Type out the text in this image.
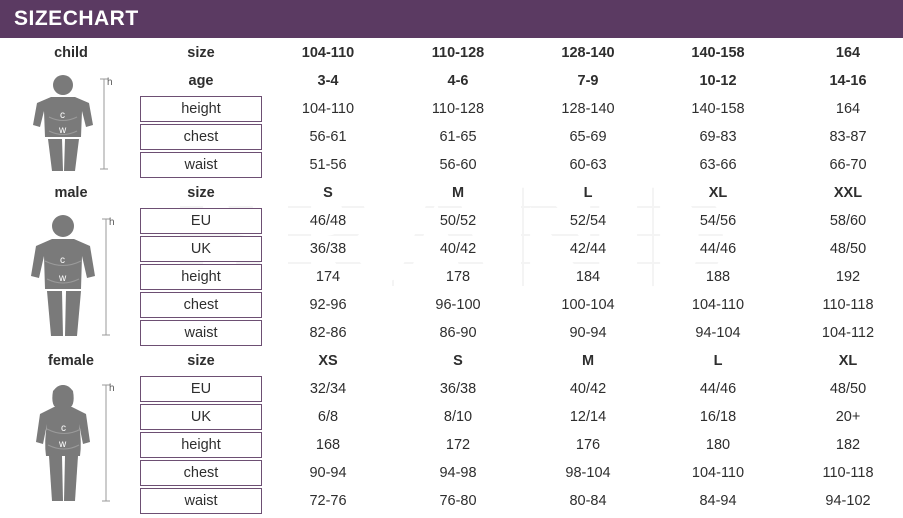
SIZE CHART
child	size	104-110	110-128	128-140	140-158	164

h
c
w	age	3-4	4-6	7-9	10-12	14-16
	height	104-110	110-128	128-140	140-158	164
	chest	56-61	61-65	65-69	69-83	83-87
	waist	51-56	56-60	60-63	63-66	66-70
male	size	S	M	L	XL	XXL

h
c
w	EU	46/48	50/52	52/54	54/56	58/60
	UK	36/38	40/42	42/44	44/46	48/50
	height	174	178	184	188	192
	chest	92-96	96-100	100-104	104-110	110-118
	waist	82-86	86-90	90-94	94-104	104-112
female	size	XS	S	M	L	XL

h
c
w	EU	32/34	36/38	40/42	44/46	48/50
	UK	6/8	8/10	12/14	16/18	20+
	height	168	172	176	180	182
	chest	90-94	94-98	98-104	104-110	110-118
	waist	72-76	76-80	80-84	84-94	94-102
